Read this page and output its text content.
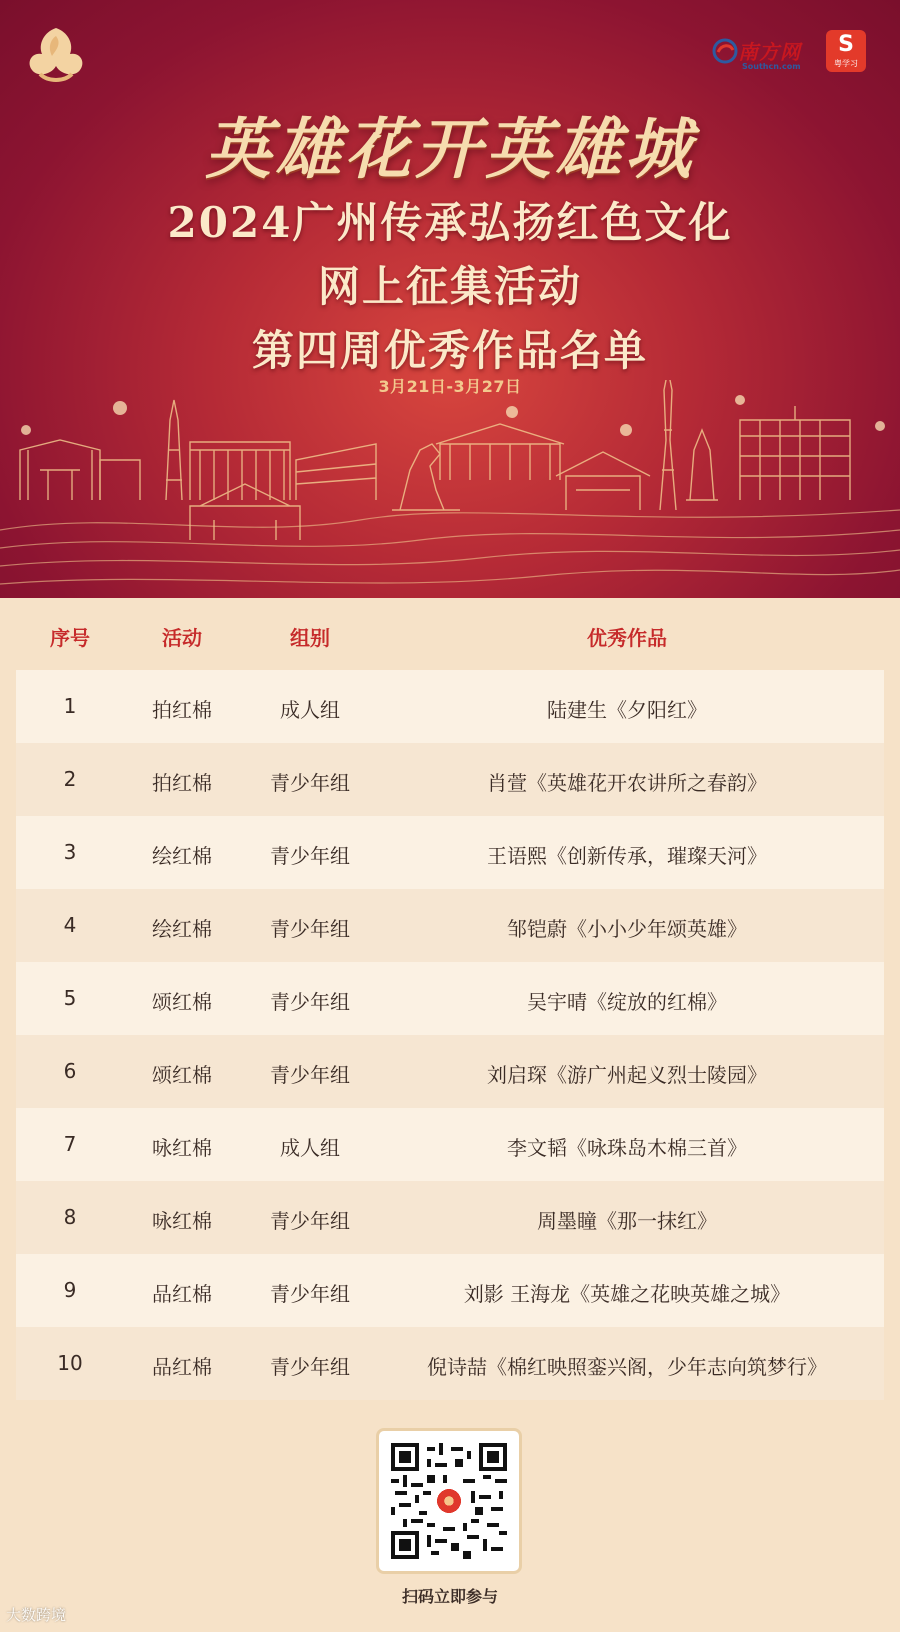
南方网
Southcn.com
S
粤学习
英雄花开英雄城
2024广州传承弘扬红色文化
网上征集活动
第四周优秀作品名单
3月21日-3月27日
序号	活动	组别	优秀作品
1	拍红棉	成人组	陆建生《夕阳红》
2	拍红棉	青少年组	肖萱《英雄花开农讲所之春韵》
3	绘红棉	青少年组	王语熙《创新传承，璀璨天河》
4	绘红棉	青少年组	邹铠蔚《小小少年颂英雄》
5	颂红棉	青少年组	吴宇晴《绽放的红棉》
6	颂红棉	青少年组	刘启琛《游广州起义烈士陵园》
7	咏红棉	成人组	李文韬《咏珠岛木棉三首》
8	咏红棉	青少年组	周墨瞳《那一抹红》
9	品红棉	青少年组	刘影 王海龙《英雄之花映英雄之城》
10	品红棉	青少年组	倪诗喆《棉红映照銮兴阁，少年志向筑梦行》
扫码立即参与
大数跨境
